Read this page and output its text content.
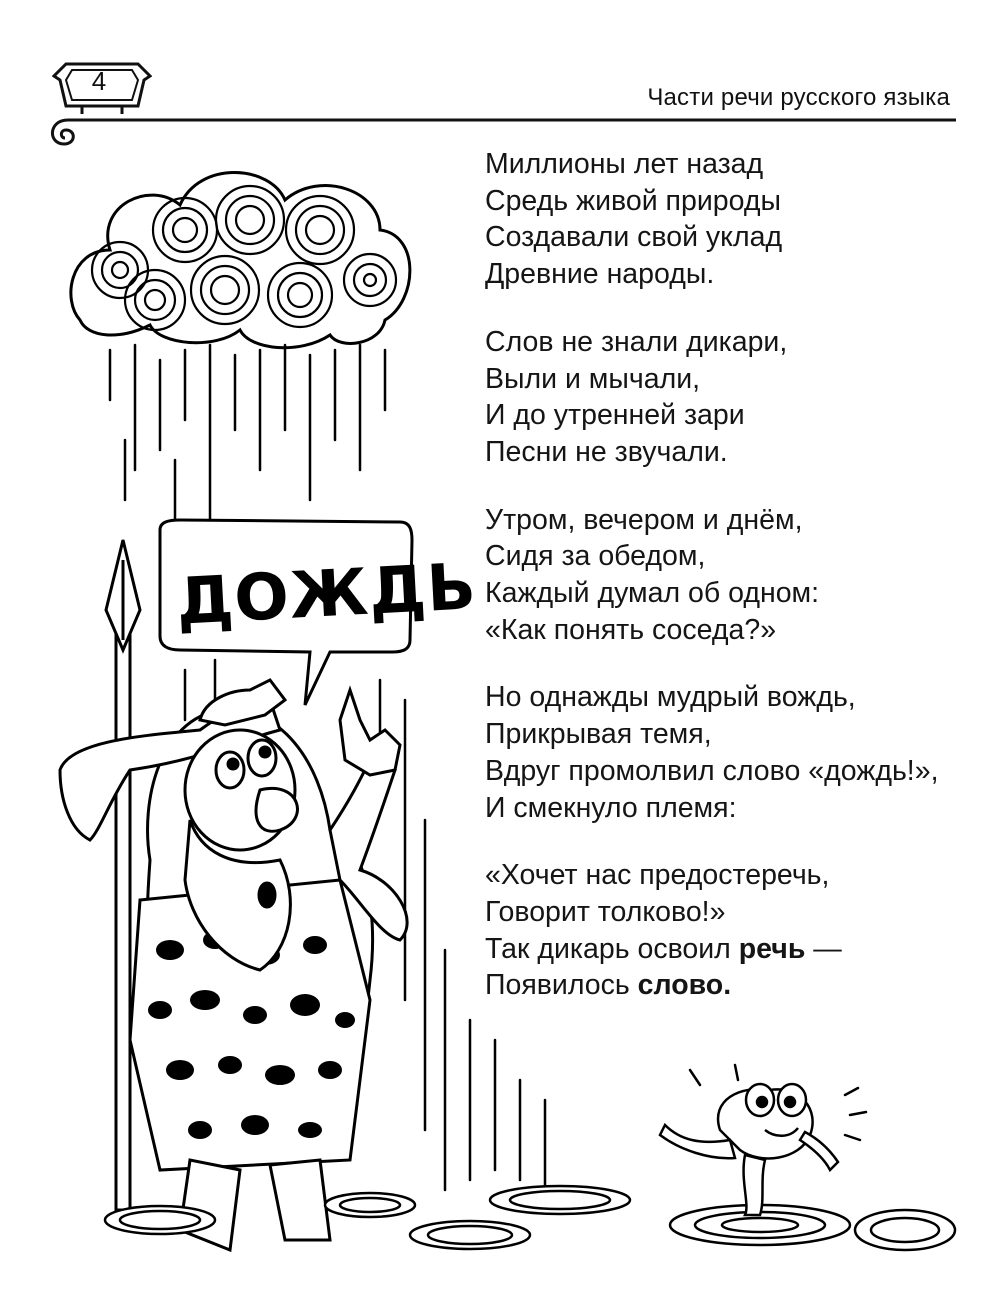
4
Части речи русского языка
ДОЖДЬ
Миллионы лет назад
Средь живой природы
Создавали свой уклад
Древние народы.
Слов не знали дикари,
Выли и мычали,
И до утренней зари
Песни не звучали.
Утром, вечером и днём,
Сидя за обедом,
Каждый думал об одном:
«Как понять соседа?»
Но однажды мудрый вождь,
Прикрывая темя,
Вдруг промолвил слово «дождь!»,
И смекнуло племя:
«Хочет нас предостеречь,
Говорит толково!»
Так дикарь освоил речь —
Появилось слово.
